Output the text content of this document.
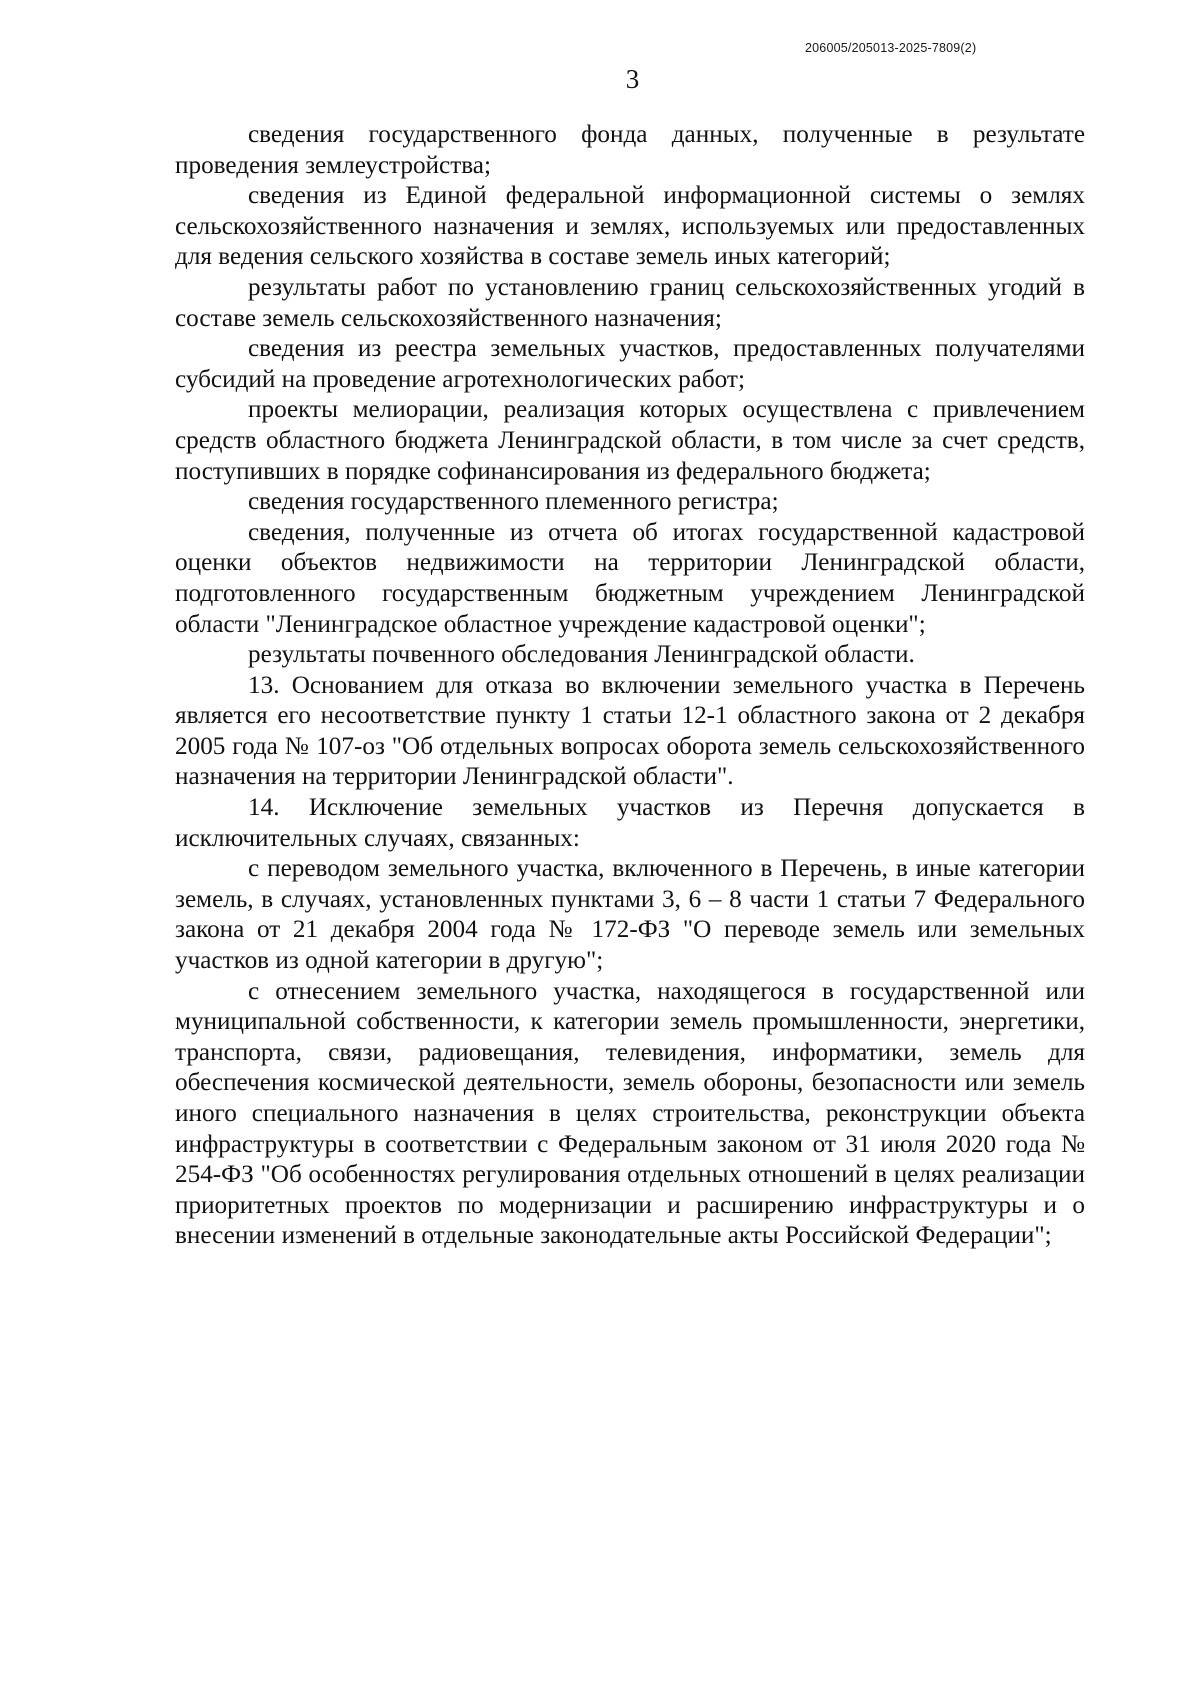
206005/205013-2025-7809(2)
3

сведения государственного фонда данных, полученные в результате проведения землеустройства;

сведения из Единой федеральной информационной системы о землях сельскохозяйственного назначения и землях, используемых или предоставленных для ведения сельского хозяйства в составе земель иных категорий;

результаты работ по установлению границ сельскохозяйственных угодий в составе земель сельскохозяйственного назначения;

сведения из реестра земельных участков, предоставленных получателями субсидий на проведение агротехнологических работ;

проекты мелиорации, реализация которых осуществлена с привлечением средств областного бюджета Ленинградской области, в том числе за счет средств, поступивших в порядке софинансирования из федерального бюджета;

сведения государственного племенного регистра;

сведения, полученные из отчета об итогах государственной кадастровой оценки объектов недвижимости на территории Ленинградской области, подготовленного государственным бюджетным учреждением Ленинградской области "Ленинградское областное учреждение кадастровой оценки";

результаты почвенного обследования Ленинградской области.

13. Основанием для отказа во включении земельного участка в Перечень является его несоответствие пункту 1 статьи 12-1 областного закона от 2 декабря 2005 года № 107-оз "Об отдельных вопросах оборота земель сельскохозяйственного назначения на территории Ленинградской области".

14. Исключение земельных участков из Перечня допускается в исключительных случаях, связанных:

с переводом земельного участка, включенного в Перечень, в иные категории земель, в случаях, установленных пунктами 3, 6 – 8 части 1 статьи 7 Федерального закона от 21 декабря 2004 года № 172-ФЗ "О переводе земель или земельных участков из одной категории в другую";

с отнесением земельного участка, находящегося в государственной или муниципальной собственности, к категории земель промышленности, энергетики, транспорта, связи, радиовещания, телевидения, информатики, земель для обеспечения космической деятельности, земель обороны, безопасности или земель иного специального назначения в целях строительства, реконструкции объекта инфраструктуры в соответствии с Федеральным законом от 31 июля 2020 года № 254-ФЗ "Об особенностях регулирования отдельных отношений в целях реализации приоритетных проектов по модернизации и расширению инфраструктуры и о внесении изменений в отдельные законодательные акты Российской Федерации";
